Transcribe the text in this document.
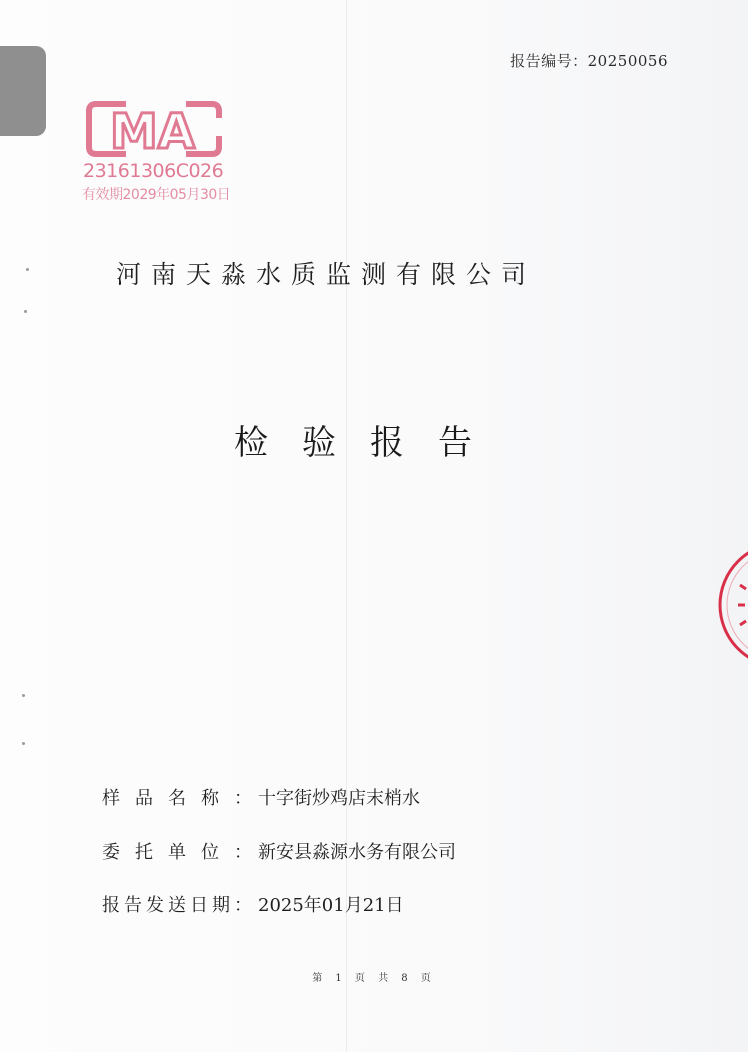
报告编号：20250056
MA
23161306C026
有效期2029年05月30日
河南天淼水质监测有限公司
检验报告
样品名称： 十字街炒鸡店末梢水
委托单位： 新安县淼源水务有限公司
报告发送日期： 2025年01月21日
第 1 页 共 8 页
